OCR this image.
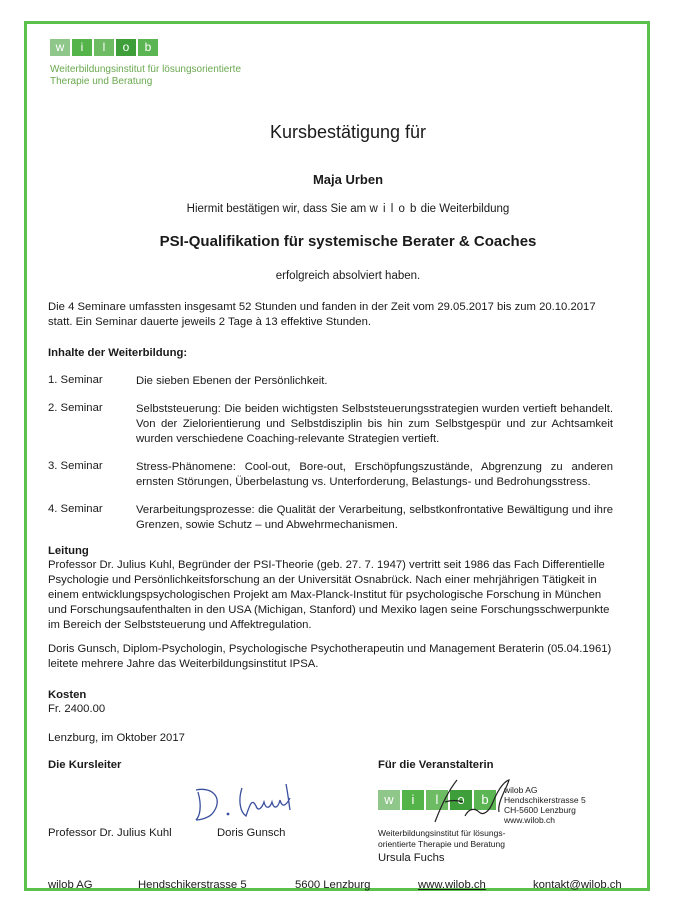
w	i	l	o	b
Weiterbildungsinstitut für lösungsorientierte
Therapie und Beratung
Kursbestätigung für
Maja Urben
Hiermit bestätigen wir, dass Sie am w i l o b die Weiterbildung
PSI-Qualifikation für systemische Berater & Coaches
erfolgreich absolviert haben.
Die 4 Seminare umfassten insgesamt 52 Stunden und fanden in der Zeit vom 29.05.2017 bis zum 20.10.2017 statt. Ein Seminar dauerte jeweils 2 Tage à 13 effektive Stunden.
Inhalte der Weiterbildung:
1. Seminar	Die sieben Ebenen der Persönlichkeit.
2. Seminar	Selbststeuerung: Die beiden wichtigsten Selbststeuerungsstrategien wurden vertieft behandelt. Von der Zielorientierung und Selbstdisziplin bis hin zum Selbstgespür und zur Achtsamkeit wurden verschiedene Coaching-relevante Strategien vertieft.
3. Seminar	Stress-Phänomene: Cool-out, Bore-out, Erschöpfungszustände, Abgrenzung zu anderen ernsten Störungen, Überbelastung vs. Unterforderung, Belastungs- und Bedrohungsstress.
4. Seminar	Verarbeitungsprozesse: die Qualität der Verarbeitung, selbstkonfrontative Bewältigung und ihre Grenzen, sowie Schutz – und Abwehrmechanismen.
Leitung
Professor Dr. Julius Kuhl, Begründer der PSI-Theorie (geb. 27. 7. 1947) vertritt seit 1986 das Fach Differentielle Psychologie und Persönlichkeitsforschung an der Universität Osnabrück. Nach einer mehrjährigen Tätigkeit in einem entwicklungspsychologischen Projekt am Max-Planck-Institut für psychologische Forschung in München und Forschungsaufenthalten in den USA (Michigan, Stanford) und Mexiko lagen seine Forschungsschwerpunkte im Bereich der Selbststeuerung und Affektregulation.
Doris Gunsch, Diplom-Psychologin, Psychologische Psychotherapeutin und Management Beraterin (05.04.1961) leitete mehrere Jahre das Weiterbildungsinstitut IPSA.
Kosten
Fr. 2400.00
Lenzburg, im Oktober 2017
Die Kursleiter	Für die Veranstalterin
Professor Dr. Julius Kuhl	Doris Gunsch
w	i	l	o	b
Weiterbildungsinstitut für lösungs-
orientierte Therapie und Beratung
wilob AG
Hendschikerstrasse 5
CH-5600 Lenzburg
www.wilob.ch
Ursula Fuchs
wilob AG	Hendschikerstrasse 5	5600 Lenzburg	www.wilob.ch	kontakt@wilob.ch
